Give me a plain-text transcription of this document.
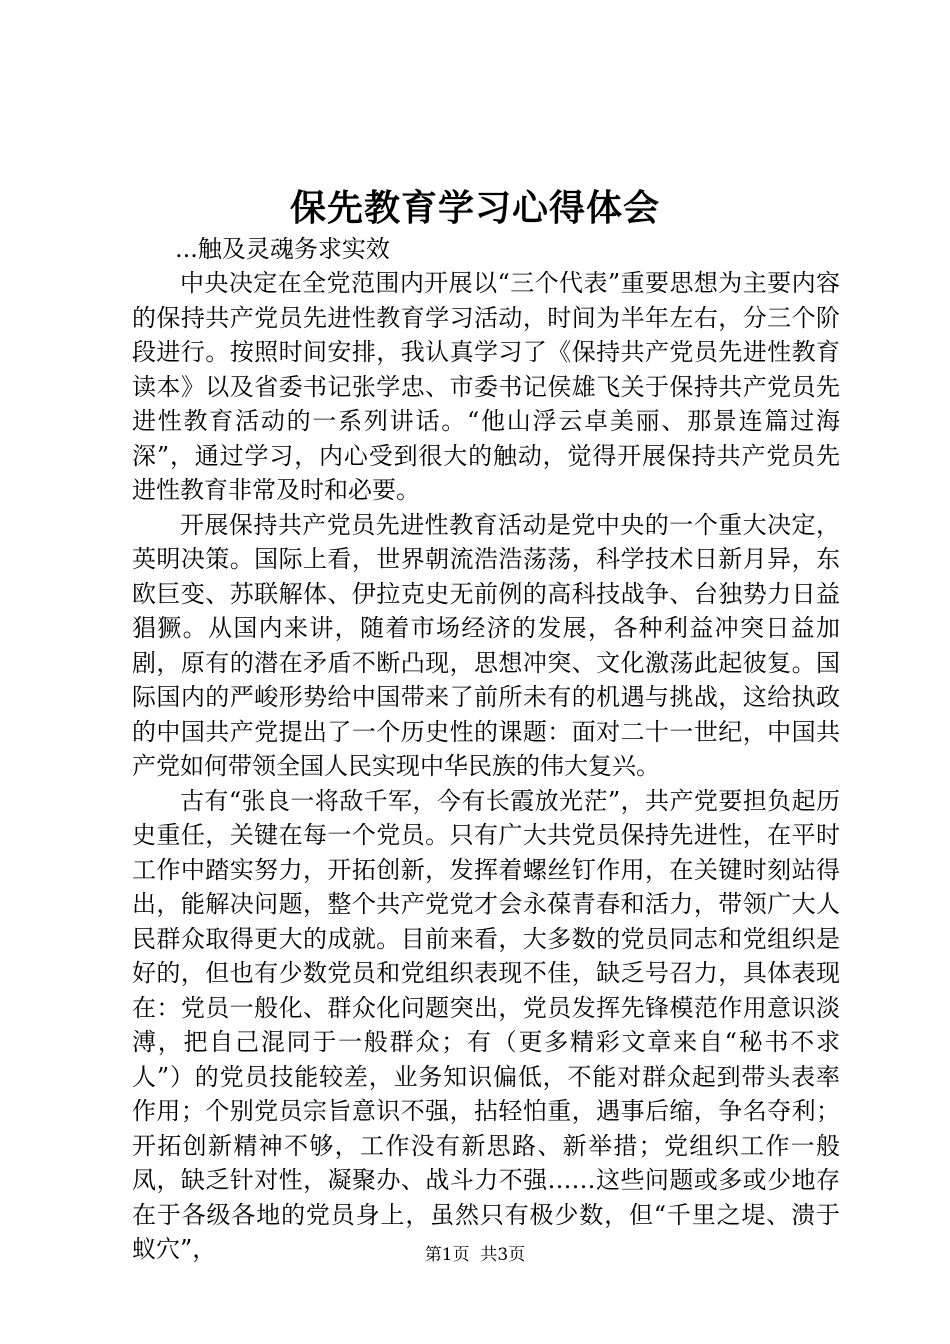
保先教育学习心得体会
...触及灵魂务求实效

中央决定在全党范围内开展以“三个代表”重要思想为主要内容的保持共产党员先进性教育学习活动，时间为半年左右，分三个阶段进行。按照时间安排，我认真学习了《保持共产党员先进性教育读本》以及省委书记张学忠、市委书记侯雄飞关于保持共产党员先进性教育活动的一系列讲话。“他山浮云卓美丽、那景连篇过海深”，通过学习，内心受到很大的触动，觉得开展保持共产党员先进性教育非常及时和必要。

开展保持共产党员先进性教育活动是党中央的一个重大决定，英明决策。国际上看，世界朝流浩浩荡荡，科学技术日新月异，东欧巨变、苏联解体、伊拉克史无前例的高科技战争、台独势力日益猖獗。从国内来讲，随着市场经济的发展，各种利益冲突日益加剧，原有的潜在矛盾不断凸现，思想冲突、文化激荡此起彼复。国际国内的严峻形势给中国带来了前所未有的机遇与挑战，这给执政的中国共产党提出了一个历史性的课题：面对二十一世纪，中国共产党如何带领全国人民实现中华民族的伟大复兴。

古有“张良一将敌千军，今有长霞放光茫”，共产党要担负起历史重任，关键在每一个党员。只有广大共党员保持先进性，在平时工作中踏实努力，开拓创新，发挥着螺丝钉作用，在关键时刻站得出，能解决问题，整个共产党党才会永葆青春和活力，带领广大人民群众取得更大的成就。目前来看，大多数的党员同志和党组织是好的，但也有少数党员和党组织表现不佳，缺乏号召力，具体表现在：党员一般化、群众化问题突出，党员发挥先锋模范作用意识淡溥，把自己混同于一般群众；有（更多精彩文章来自“秘书不求人”）的党员技能较差，业务知识偏低，不能对群众起到带头表率作用；个别党员宗旨意识不强，拈轻怕重，遇事后缩，争名夺利；开拓创新精神不够，工作没有新思路、新举措；党组织工作一般凤，缺乏针对性，凝聚办、战斗力不强……这些问题或多或少地存在于各级各地的党员身上，虽然只有极少数，但“千里之堤、溃于蚁穴”，	第1页  共3页
